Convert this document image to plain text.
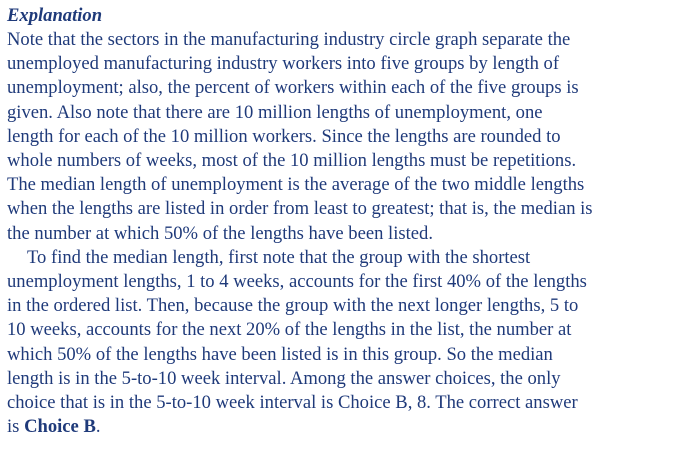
Explanation
Note that the sectors in the manufacturing industry circle graph separate the
unemployed manufacturing industry workers into five groups by length of
unemployment; also, the percent of workers within each of the five groups is
given. Also note that there are 10 million lengths of unemployment, one
length for each of the 10 million workers. Since the lengths are rounded to
whole numbers of weeks, most of the 10 million lengths must be repetitions.
The median length of unemployment is the average of the two middle lengths
when the lengths are listed in order from least to greatest; that is, the median is
the number at which 50% of the lengths have been listed.
To find the median length, first note that the group with the shortest
unemployment lengths, 1 to 4 weeks, accounts for the first 40% of the lengths
in the ordered list. Then, because the group with the next longer lengths, 5 to
10 weeks, accounts for the next 20% of the lengths in the list, the number at
which 50% of the lengths have been listed is in this group. So the median
length is in the 5-to-10 week interval. Among the answer choices, the only
choice that is in the 5-to-10 week interval is Choice B, 8. The correct answer
is Choice B.
